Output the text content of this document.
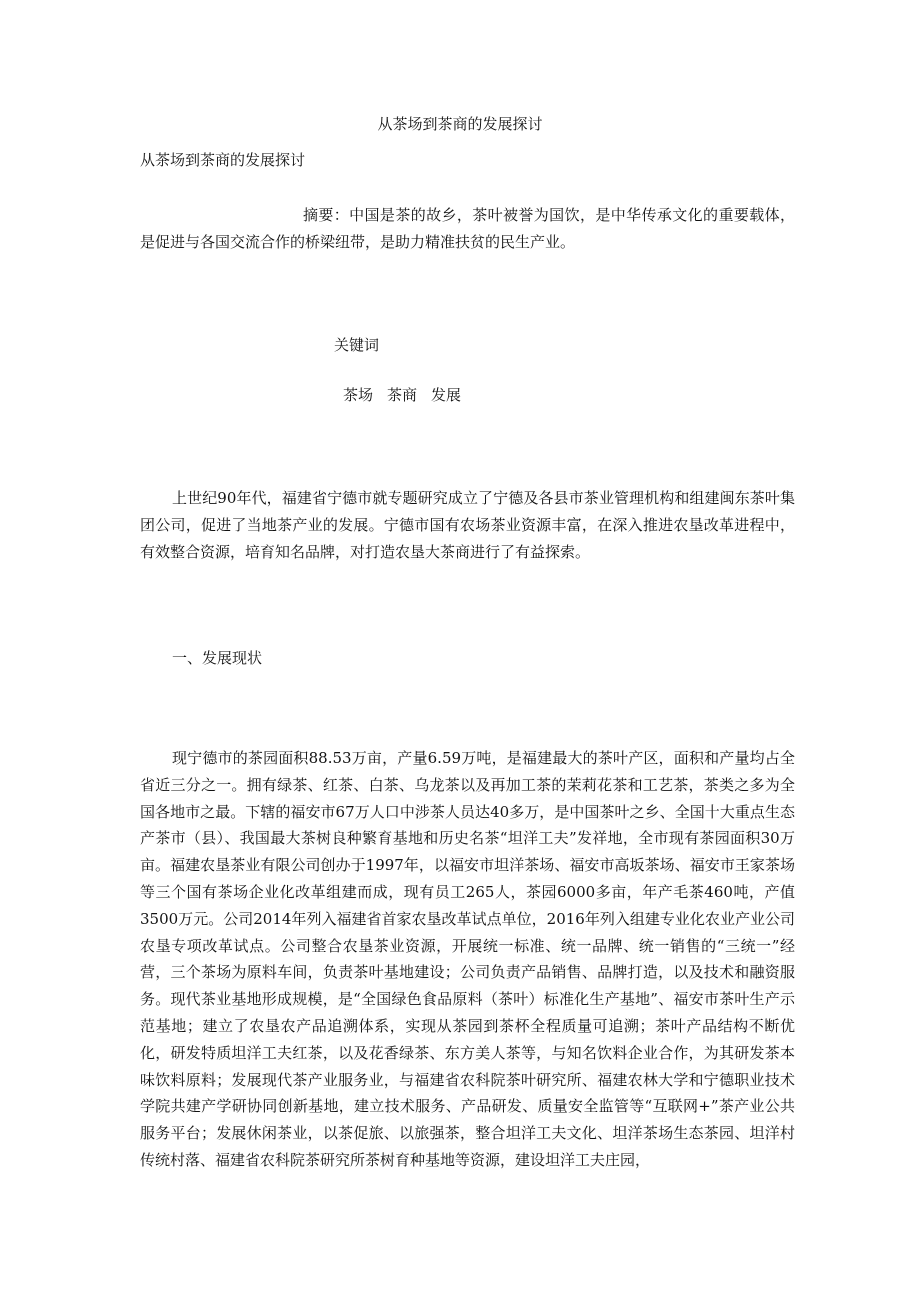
从茶场到茶商的发展探讨

从茶场到茶商的发展探讨

摘要：中国是茶的故乡，茶叶被誉为国饮，是中华传承文化的重要载体，是促进与各国交流合作的桥梁纽带，是助力精准扶贫的民生产业。

关键词

茶场 茶商 发展

上世纪90年代，福建省宁德市就专题研究成立了宁德及各县市茶业管理机构和组建闽东茶叶集团公司，促进了当地茶产业的发展。宁德市国有农场茶业资源丰富，在深入推进农垦改革进程中，有效整合资源，培育知名品牌，对打造农垦大茶商进行了有益探索。

一、发展现状

现宁德市的茶园面积88.53万亩，产量6.59万吨，是福建最大的茶叶产区，面积和产量均占全省近三分之一。拥有绿茶、红茶、白茶、乌龙茶以及再加工茶的茉莉花茶和工艺茶，茶类之多为全国各地市之最。下辖的福安市67万人口中涉茶人员达40多万，是中国茶叶之乡、全国十大重点生态产茶市（县）、我国最大茶树良种繁育基地和历史名茶“坦洋工夫”发祥地，全市现有茶园面积30万亩。福建农垦茶业有限公司创办于1997年，以福安市坦洋茶场、福安市高坂茶场、福安市王家茶场等三个国有茶场企业化改革组建而成，现有员工265人，茶园6000多亩，年产毛茶460吨，产值3500万元。公司2014年列入福建省首家农垦改革试点单位，2016年列入组建专业化农业产业公司农垦专项改革试点。公司整合农垦茶业资源，开展统一标准、统一品牌、统一销售的“三统一”经营，三个茶场为原料车间，负责茶叶基地建设；公司负责产品销售、品牌打造，以及技术和融资服务。现代茶业基地形成规模，是“全国绿色食品原料（茶叶）标准化生产基地”、福安市茶叶生产示范基地；建立了农垦农产品追溯体系，实现从茶园到茶杯全程质量可追溯；茶叶产品结构不断优化，研发特质坦洋工夫红茶，以及花香绿茶、东方美人茶等，与知名饮料企业合作，为其研发茶本味饮料原料；发展现代茶产业服务业，与福建省农科院茶叶研究所、福建农林大学和宁德职业技术学院共建产学研协同创新基地，建立技术服务、产品研发、质量安全监管等“互联网+”茶产业公共服务平台；发展休闲茶业，以茶促旅、以旅强茶，整合坦洋工夫文化、坦洋茶场生态茶园、坦洋村传统村落、福建省农科院茶研究所茶树育种基地等资源，建设坦洋工夫庄园，
